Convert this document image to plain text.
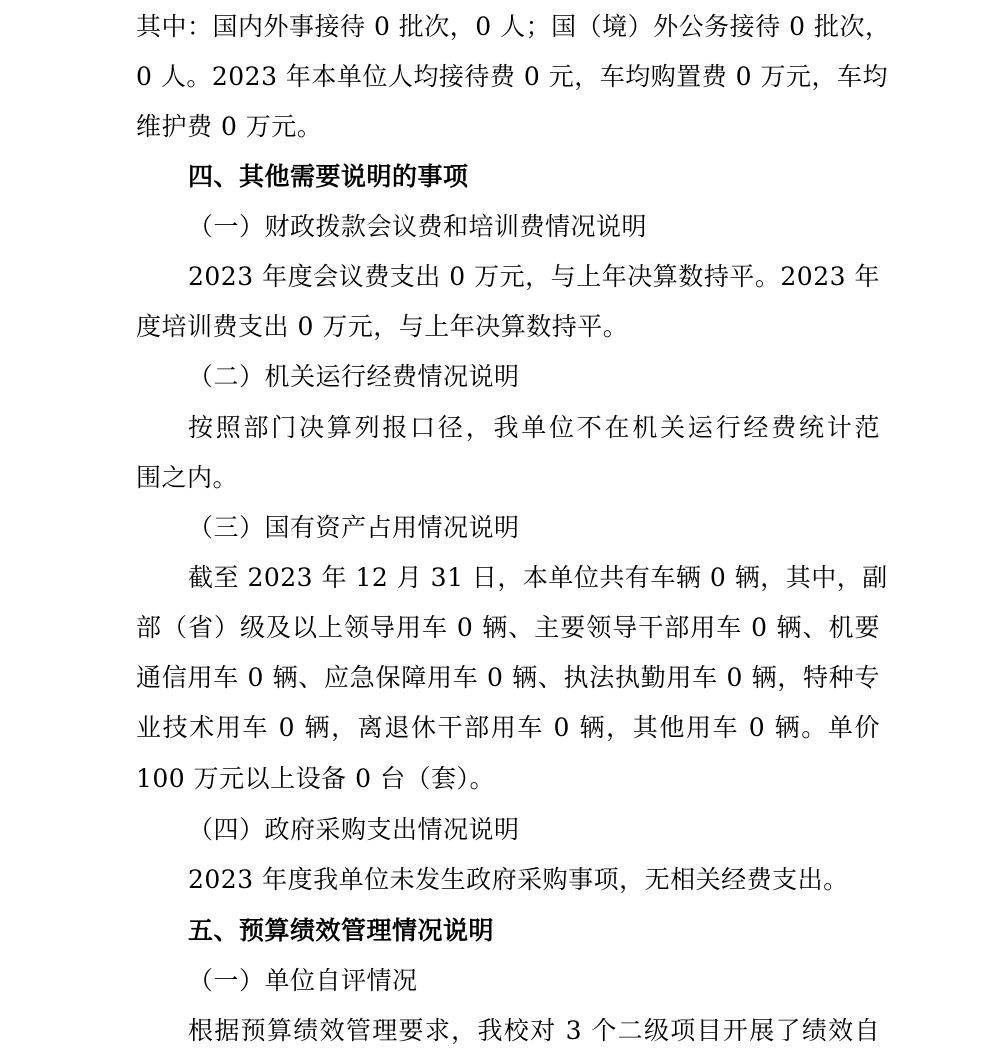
其中：国内外事接待 0 批次，0 人；国（境）外公务接待 0 批次，
0 人。2023 年本单位人均接待费 0 元，车均购置费 0 万元，车均
维护费 0 万元。
四、其他需要说明的事项
（一）财政拨款会议费和培训费情况说明
2023 年度会议费支出 0 万元，与上年决算数持平。2023 年
度培训费支出 0 万元，与上年决算数持平。
（二）机关运行经费情况说明
按照部门决算列报口径，我单位不在机关运行经费统计范
围之内。
（三）国有资产占用情况说明
截至 2023 年 12 月 31 日，本单位共有车辆 0 辆，其中，副
部（省）级及以上领导用车 0 辆、主要领导干部用车 0 辆、机要
通信用车 0 辆、应急保障用车 0 辆、执法执勤用车 0 辆，特种专
业技术用车 0 辆，离退休干部用车 0 辆，其他用车 0 辆。单价
100 万元以上设备 0 台（套）。
（四）政府采购支出情况说明
2023 年度我单位未发生政府采购事项，无相关经费支出。
五、预算绩效管理情况说明
（一）单位自评情况
根据预算绩效管理要求，我校对 3 个二级项目开展了绩效自
